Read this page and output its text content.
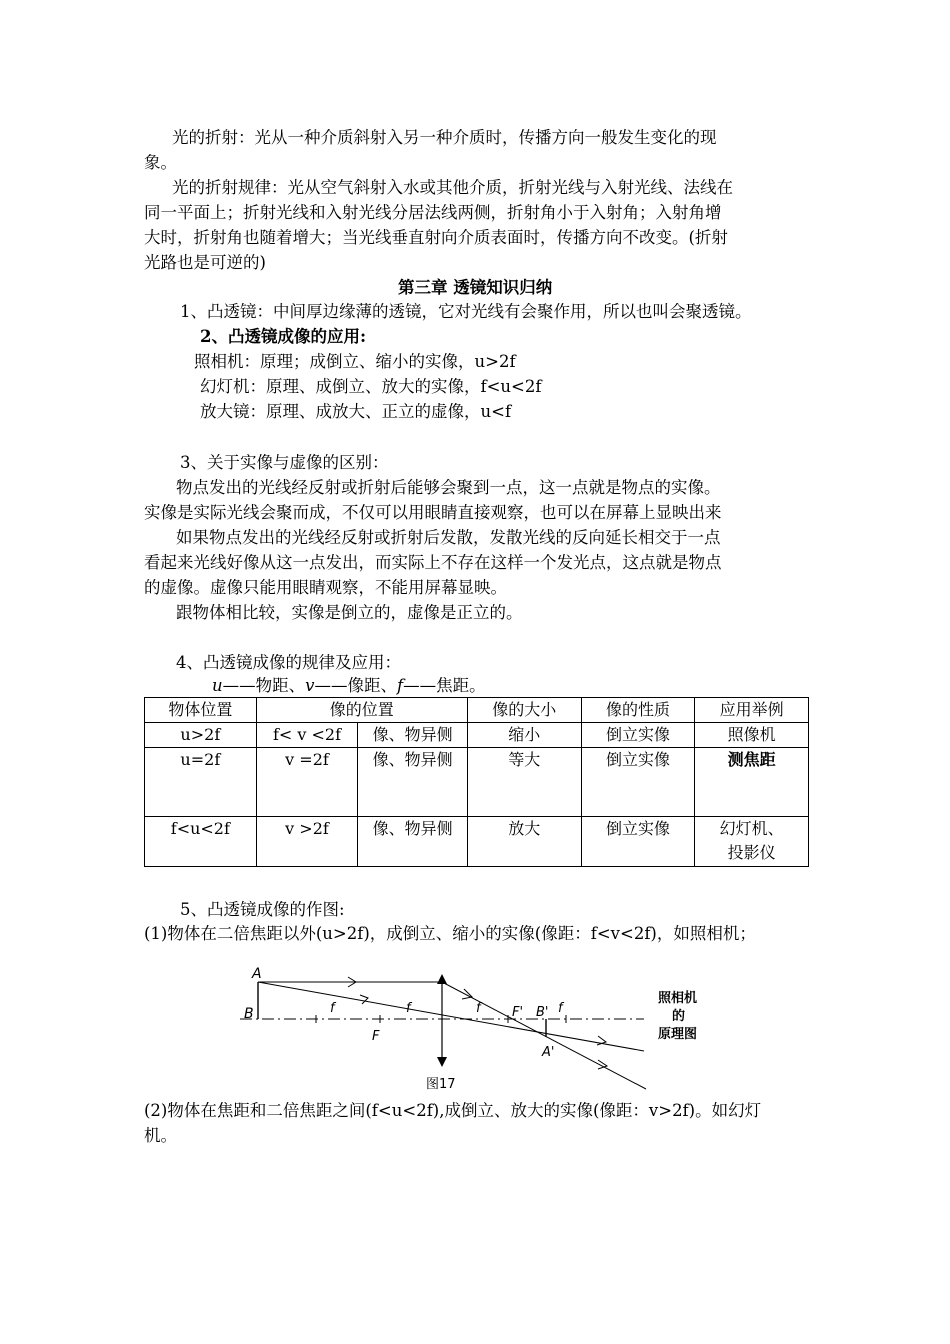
光的折射：光从一种介质斜射入另一种介质时，传播方向一般发生变化的现
象。
光的折射规律：光从空气斜射入水或其他介质，折射光线与入射光线、法线在
同一平面上；折射光线和入射光线分居法线两侧，折射角小于入射角；入射角增
大时，折射角也随着增大；当光线垂直射向介质表面时，传播方向不改变。(折射
光路也是可逆的)
第三章 透镜知识归纳
1、凸透镜：中间厚边缘薄的透镜，它对光线有会聚作用，所以也叫会聚透镜。
2、凸透镜成像的应用:
照相机：原理；成倒立、缩小的实像，u>2f
幻灯机：原理、成倒立、放大的实像，f<u<2f
放大镜：原理、成放大、正立的虚像，u<f
3、关于实像与虚像的区别：
物点发出的光线经反射或折射后能够会聚到一点，这一点就是物点的实像。
实像是实际光线会聚而成，不仅可以用眼睛直接观察，也可以在屏幕上显映出来
如果物点发出的光线经反射或折射后发散，发散光线的反向延长相交于一点
看起来光线好像从这一点发出，而实际上不存在这样一个发光点，这点就是物点
的虚像。虚像只能用眼睛观察，不能用屏幕显映。
跟物体相比较，实像是倒立的，虚像是正立的。
4、凸透镜成像的规律及应用：
u——物距、v——像距、f——焦距。
物体位置	像的位置		像的大小	像的性质	应用举例
u>2f	f< v <2f	像、物异侧	缩小	倒立实像	照像机
u=2f	v =2f	像、物异侧	等大	倒立实像	测焦距
f<u<2f	v >2f	像、物异侧	放大	倒立实像	幻灯机、
投影仪
5、凸透镜成像的作图:
(1)物体在二倍焦距以外(u>2f)，成倒立、缩小的实像(像距：f<v<2f)，如照相机；
A
B	f	f
F
f F' B' f
A'
照相机
的
原理图
图17
(2)物体在焦距和二倍焦距之间(f<u<2f),成倒立、放大的实像(像距：v>2f)。如幻灯
机。
